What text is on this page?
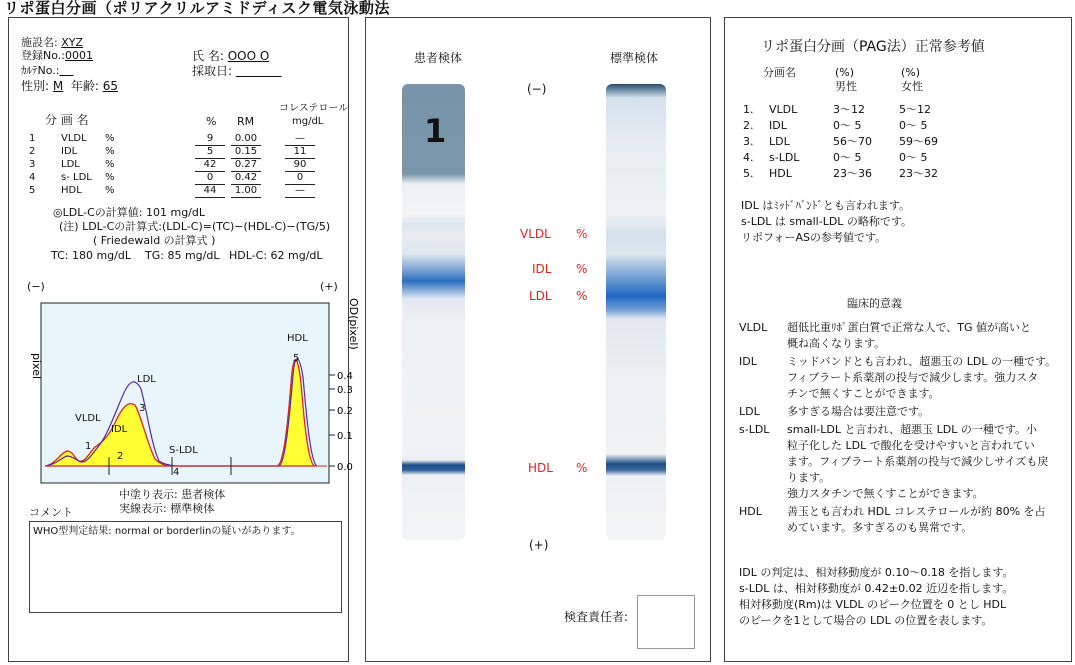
リポ蛋白分画（ポリアクリルアミドディスク電気泳動法
施設名: XYZ
登録No.:0001
ｶﾙﾃNo.:
性別: M 年齢: 65
氏 名: OOO O
採取日:
コレステロール
分 画 名	% RM	mg/dL
1	VLDL %	9	0.00	—
2	IDL	%	5	0.15	11
3	LDL	%	42	0.27	90
4	s- LDL %	0	0.42	0
5	HDL %	44	1.00	—
◎LDL-Cの計算値: 101 mg/dL
(注) LDL-Cの計算式:(LDL-C)=(TC)−(HDL-C)−(TG/5)
( Friedewald の計算式 )
TC: 180 mg/dL TG: 85 mg/dL HDL-C: 62 mg/dL
(−)	(+)
pixel
OD(pixel)
0.4
0.3
0.2
0.1
0.0
VLDL
1
IDL
2
LDL
3
S-LDL
4
HDL
5
中塗り表示: 患者検体
実線表示: 標準検体
コメント
WHO型判定結果: normal or borderlinの疑いがあります。
患者検体	標準検体
(−)
(+)
1
VLDL %
IDL %
LDL %
HDL %
検査責任者:
リポ蛋白分画（PAG法）正常参考値
分画名	(%)	(%)
男性	女性
1. VLDL	3〜12	5〜12
2. IDL	0〜 5	0〜 5
3. LDL	56〜70 59〜69
4. s-LDL	0〜 5	0〜 5
5. HDL	23〜36 23〜32
IDL はﾐｯﾄﾞﾊﾞﾝﾄﾞとも言われます。
s-LDL は small-LDL の略称です。
リポフォーASの参考値です。
臨床的意義
VLDL 超低比重ﾘﾎﾟ蛋白質で正常な人で、TG 値が高いと
概ね高くなります。
IDL	ミッドバンドとも言われ、超悪玉の LDL の一種です。
フィブラート系薬剤の投与で減少します。強力スタ
チンで無くすことができます。
LDL 多すぎる場合は要注意です。
s-LDL small-LDL と言われ、超悪玉 LDL の一種です。小
粒子化した LDL で酸化を受けやすいと言われてい
ます。フィブラート系薬剤の投与で減少しサイズも戻
ります。
強力スタチンで無くすことができます。
HDL 善玉とも言われ HDL コレステロールが約 80% を占
めています。多すぎるのも異常です。
IDL の判定は、相対移動度が 0.10〜0.18 を指します。
s-LDL は、相対移動度が 0.42±0.02 近辺を指します。
相対移動度(Rm)は VLDL のピーク位置を 0 とし HDL
のピークを1として場合の LDL の位置を表します。
